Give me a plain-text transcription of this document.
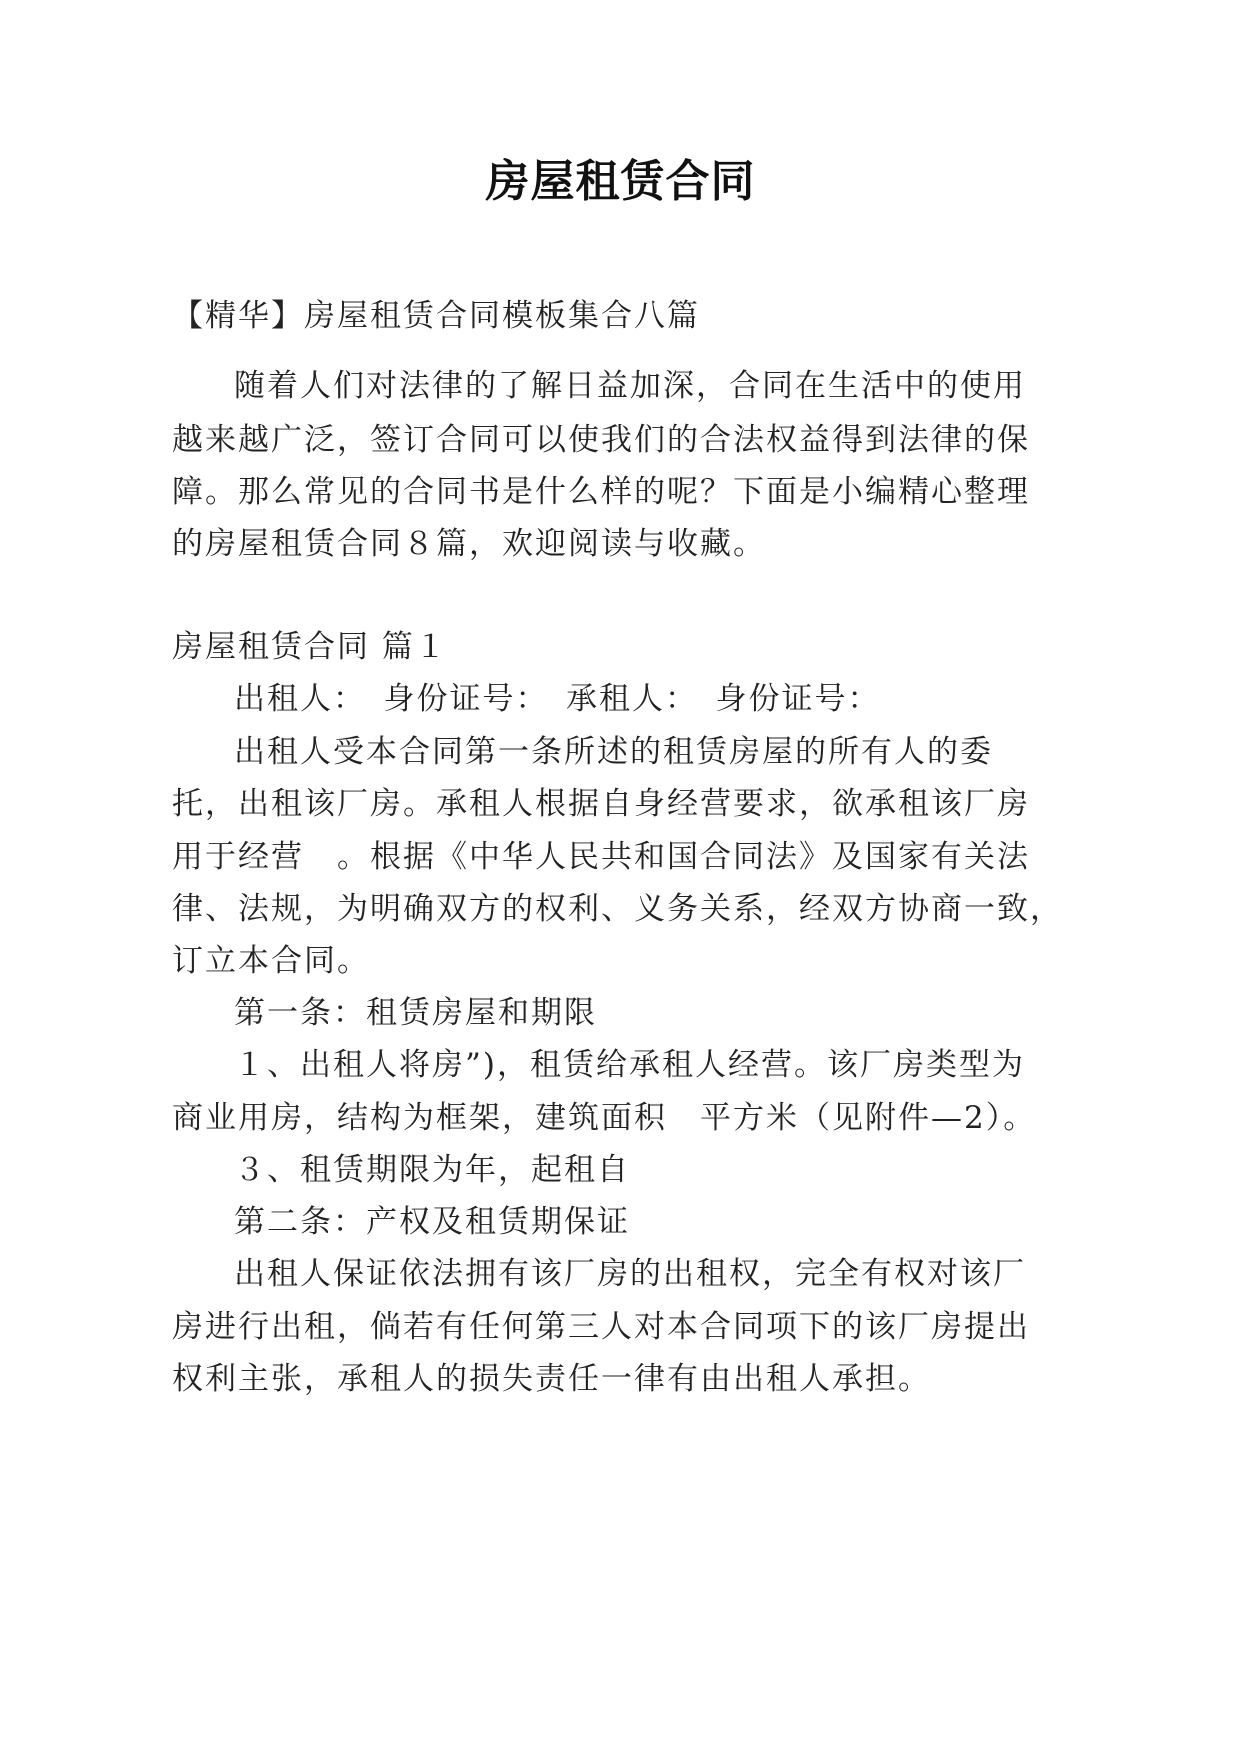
房屋租赁合同
【精华】房屋租赁合同模板集合八篇
随着人们对法律的了解日益加深，合同在生活中的使用
越来越广泛，签订合同可以使我们的合法权益得到法律的保
障。那么常见的合同书是什么样的呢？下面是小编精心整理
的房屋租赁合同８篇，欢迎阅读与收藏。
房屋租赁合同 篇１
出租人：　身份证号：　承租人：　身份证号：
出租人受本合同第一条所述的租赁房屋的所有人的委
托，出租该厂房。承租人根据自身经营要求，欲承租该厂房
用于经营　。根据《中华人民共和国合同法》及国家有关法
律、法规，为明确双方的权利、义务关系，经双方协商一致，
订立本合同。
第一条：租赁房屋和期限
１、出租人将房”)，租赁给承租人经营。该厂房类型为
商业用房，结构为框架，建筑面积　平方米（见附件—2）。
３、租赁期限为年，起租自
第二条：产权及租赁期保证
出租人保证依法拥有该厂房的出租权，完全有权对该厂
房进行出租，倘若有任何第三人对本合同项下的该厂房提出
权利主张，承租人的损失责任一律有由出租人承担。
